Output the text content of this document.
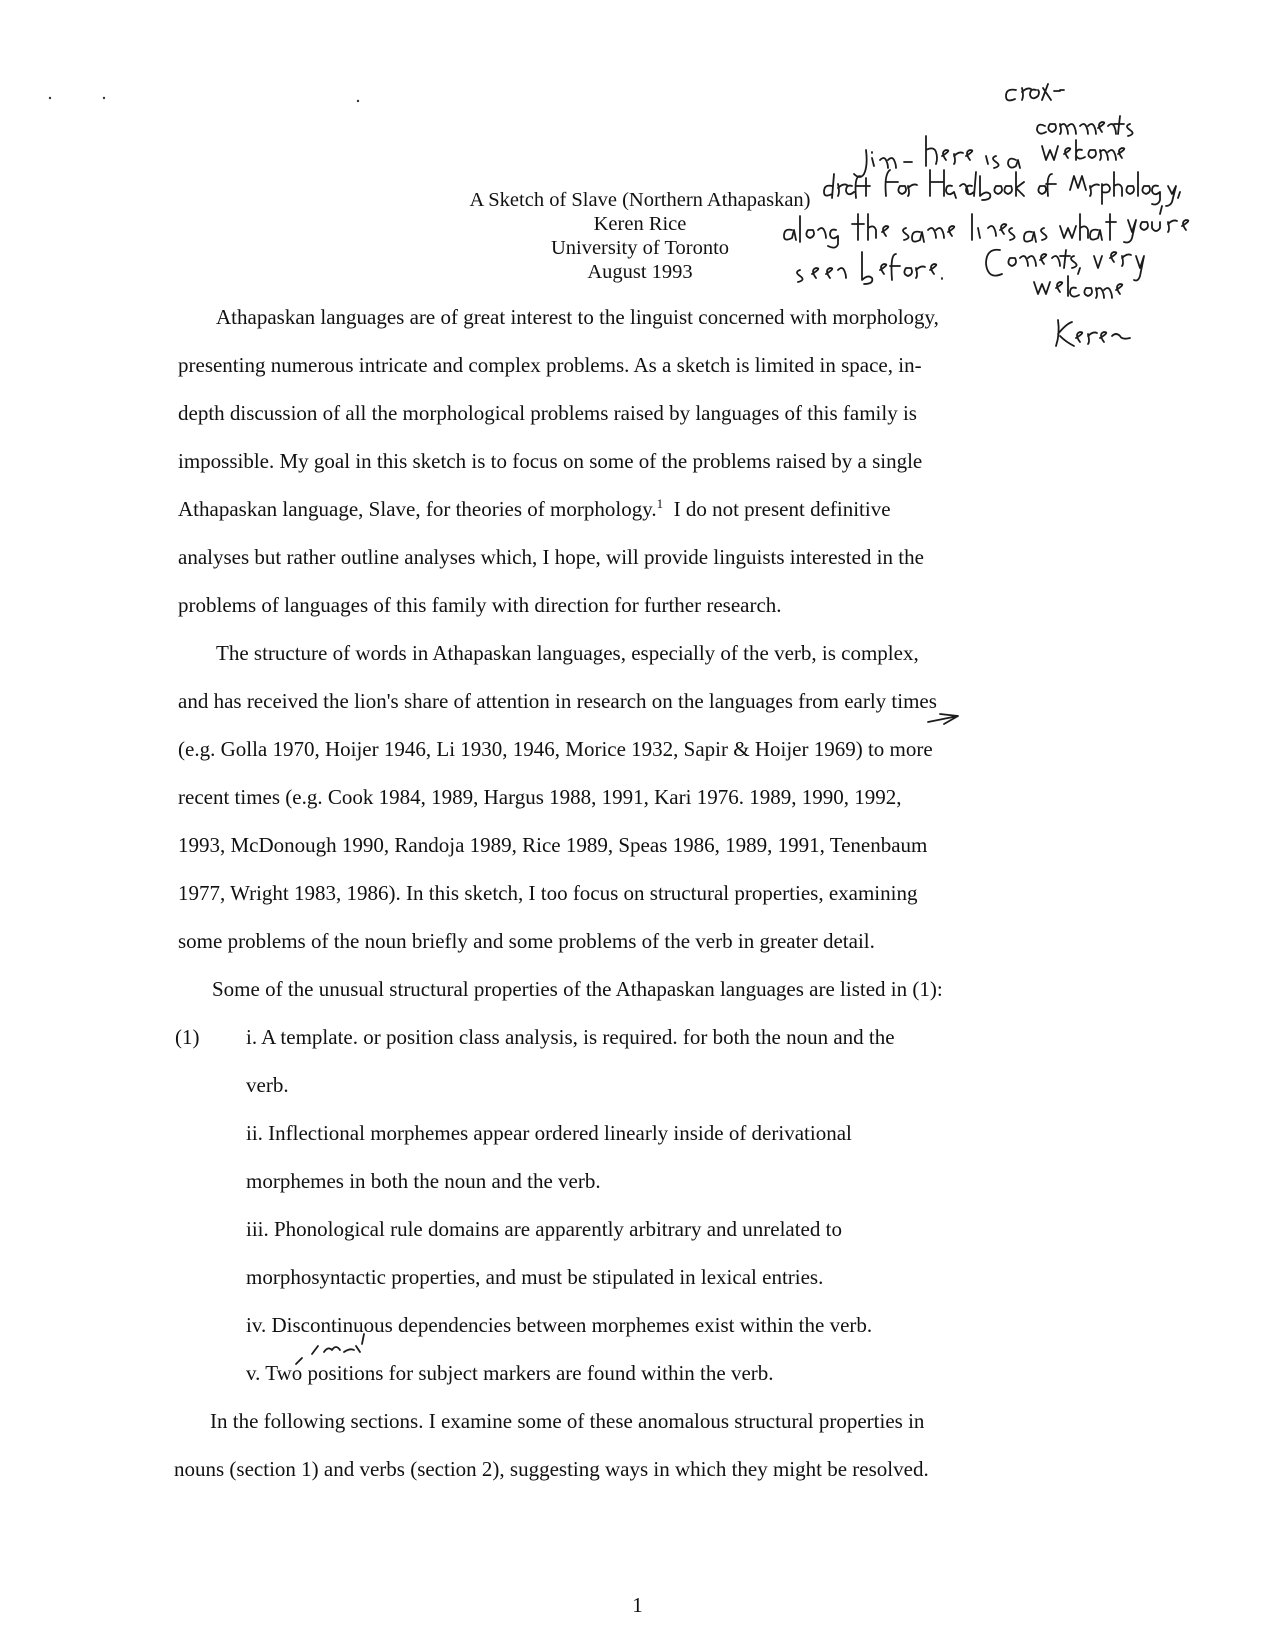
A Sketch of Slave (Northern Athapaskan)
Keren Rice
University of Toronto
August 1993
Athapaskan languages are of great interest to the linguist concerned with morphology,
presenting numerous intricate and complex problems. As a sketch is limited in space, in-
depth discussion of all the morphological problems raised by languages of this family is
impossible. My goal in this sketch is to focus on some of the problems raised by a single
Athapaskan language, Slave, for theories of morphology.$^1$ I do not present definitive
analyses but rather outline analyses which, I hope, will provide linguists interested in the
problems of languages of this family with direction for further research.
The structure of words in Athapaskan languages, especially of the verb, is complex,
and has received the lion's share of attention in research on the languages from early times
(e.g. Golla 1970, Hoijer 1946, Li 1930, 1946, Morice 1932, Sapir & Hoijer 1969) to more
recent times (e.g. Cook 1984, 1989, Hargus 1988, 1991, Kari 1976. 1989, 1990, 1992,
1993, McDonough 1990, Randoja 1989, Rice 1989, Speas 1986, 1989, 1991, Tenenbaum
1977, Wright 1983, 1986). In this sketch, I too focus on structural properties, examining
some problems of the noun briefly and some problems of the verb in greater detail.
Some of the unusual structural properties of the Athapaskan languages are listed in (1):
(1) i. A template. or position class analysis, is required. for both the noun and the
verb.
ii. Inflectional morphemes appear ordered linearly inside of derivational
morphemes in both the noun and the verb.
iii. Phonological rule domains are apparently arbitrary and unrelated to
morphosyntactic properties, and must be stipulated in lexical entries.
iv. Discontinuous dependencies between morphemes exist within the verb.
v. Two positions for subject markers are found within the verb.
In the following sections. I examine some of these anomalous structural properties in
nouns (section 1) and verbs (section 2), suggesting ways in which they might be resolved.
1
